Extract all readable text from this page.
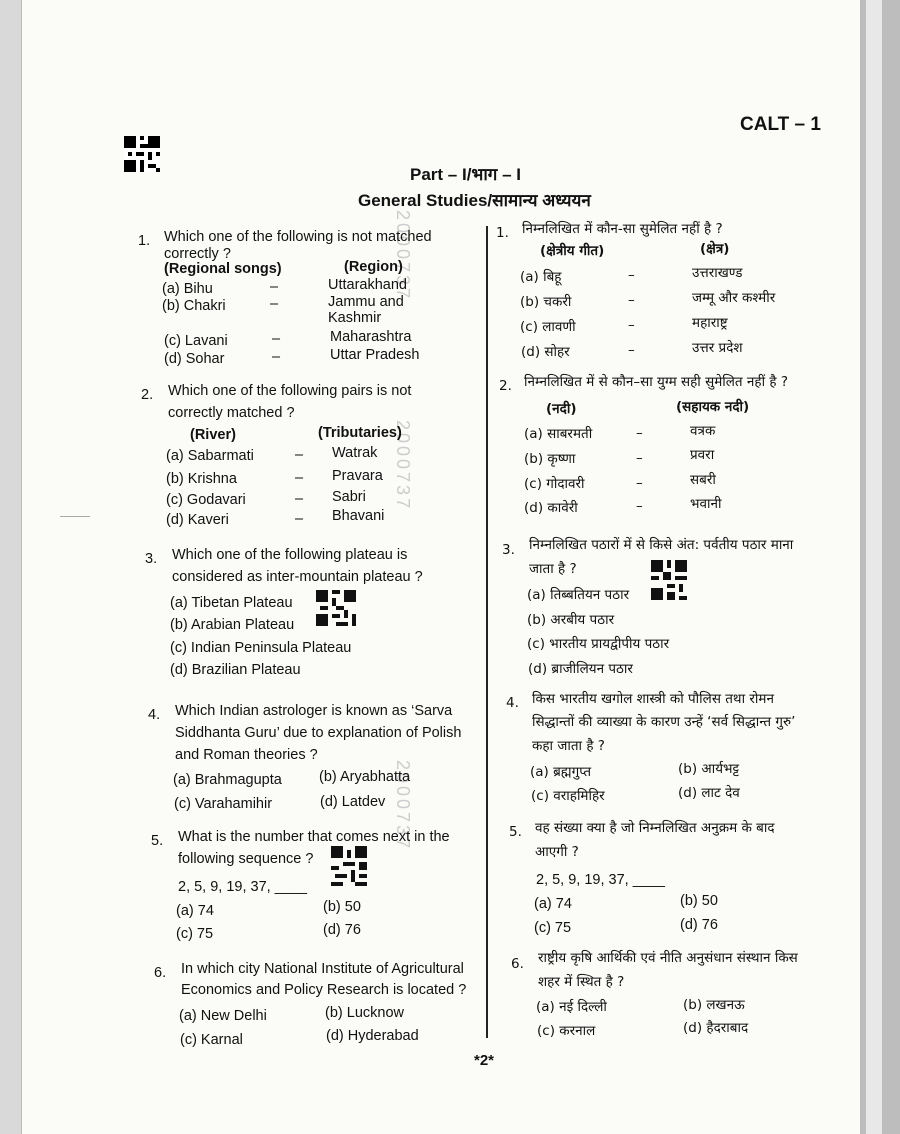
CALT – 1
Part – I/भाग – I
General Studies/सामान्य अध्ययन
2000737
2000737
2000737
1. Which one of the following is not matched
correctly ?
(Regional songs)	(Region)
(a) Bihu	–	Uttarakhand
(b) Chakri	–	Jammu and
Kashmir
(c) Lavani	–	Maharashtra
(d) Sohar	–	Uttar Pradesh
2. Which one of the following pairs is not
correctly matched ?
(River)	(Tributaries)
(a) Sabarmati	– Watrak
(b) Krishna	– Pravara
(c) Godavari	– Sabri
(d) Kaveri	– Bhavani
3. Which one of the following plateau is
considered as inter-mountain plateau ?
(a) Tibetan Plateau
(b) Arabian Plateau
(c) Indian Peninsula Plateau
(d) Brazilian Plateau
4. Which Indian astrologer is known as ‘Sarva
Siddhanta Guru’ due to explanation of Polish
and Roman theories ?
(a) Brahmagupta	(b) Aryabhatta
(c) Varahamihir	(d) Latdev
5. What is the number that comes next in the
following sequence ?
2, 5, 9, 19, 37, ____
(a) 74	(b) 50
(c) 75	(d) 76
6. In which city National Institute of Agricultural
Economics and Policy Research is located ?
(a) New Delhi	(b) Lucknow
(c) Karnal	(d) Hyderabad
1. निम्नलिखित में कौन-सा सुमेलित नहीं है ?
(क्षेत्रीय गीत)	(क्षेत्र)
(a) बिहू	–	उत्तराखण्ड
(b) चकरी	–	जम्मू और कश्मीर
(c) लावणी	–	महाराष्ट्र
(d) सोहर	–	उत्तर प्रदेश
2. निम्नलिखित में से कौन–सा युग्म सही सुमेलित नहीं है ?
(नदी)	(सहायक नदी)
(a) साबरमती	–	वत्रक
(b) कृष्णा	–	प्रवरा
(c) गोदावरी	–	सबरी
(d) कावेरी	–	भवानी
3. निम्नलिखित पठारों में से किसे अंत: पर्वतीय पठार माना
जाता है ?
(a) तिब्बतियन पठार
(b) अरबीय पठार
(c) भारतीय प्रायद्वीपीय पठार
(d) ब्राजीलियन पठार
4. किस भारतीय खगोल शास्त्री को पौलिस तथा रोमन
सिद्धान्तों की व्याख्या के कारण उन्हें ‘सर्व सिद्धान्त गुरु’
कहा जाता है ?
(a) ब्रह्मगुप्त	(b) आर्यभट्ट
(c) वराहमिहिर	(d) लाट देव
5. वह संख्या क्या है जो निम्नलिखित अनुक्रम के बाद
आएगी ?
2, 5, 9, 19, 37, ____
(a) 74	(b) 50
(c) 75	(d) 76
6. राष्ट्रीय कृषि आर्थिकी एवं नीति अनुसंधान संस्थान किस
शहर में स्थित है ?
(a) नई दिल्ली	(b) लखनऊ
(c) करनाल	(d) हैदराबाद
*2*
